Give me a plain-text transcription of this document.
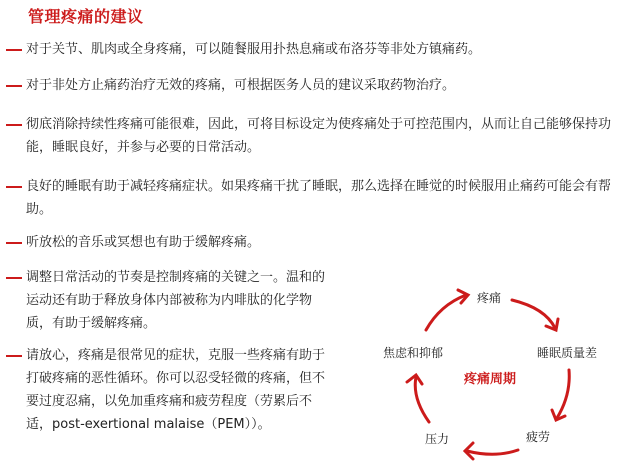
管理疼痛的建议
对于关节、肌肉或全身疼痛，可以随餐服用扑热息痛或布洛芬等非处方镇痛药。
对于非处方止痛药治疗无效的疼痛，可根据医务人员的建议采取药物治疗。
彻底消除持续性疼痛可能很难，因此，可将目标设定为使疼痛处于可控范围内，从而让自己能够保持功能，睡眠良好，并参与必要的日常活动。
良好的睡眠有助于减轻疼痛症状。如果疼痛干扰了睡眠，那么选择在睡觉的时候服用止痛药可能会有帮助。
听放松的音乐或冥想也有助于缓解疼痛。
调整日常活动的节奏是控制疼痛的关键之一。温和的运动还有助于释放身体内部被称为内啡肽的化学物质，有助于缓解疼痛。
请放心，疼痛是很常见的症状，克服一些疼痛有助于打破疼痛的恶性循环。你可以忍受轻微的疼痛，但不要过度忍痛，以免加重疼痛和疲劳程度（劳累后不适，post-exertional malaise（PEM））。
疼痛
睡眠质量差
疲劳
压力
焦虑和抑郁
疼痛周期
